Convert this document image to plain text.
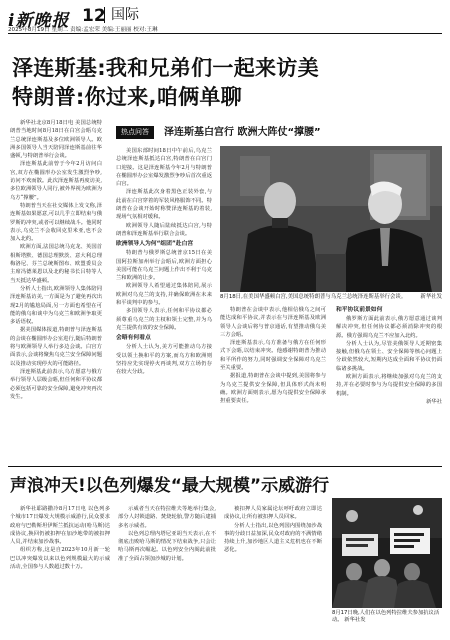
i新晚报 12 国际
2025年8月19日 星期二 责编:孟宏荣 美编:王丽丽 校对:王琳
泽连斯基:我和兄弟们一起来访美
特朗普:你过来,咱俩单聊

新华社北京8月18日电 美国总统特朗普当地时间8月18日在白宫会晤乌克兰总统泽连斯基及多位欧洲领导人。欧洲多国领导人当天陪同泽连斯基前往华盛顿,与特朗普举行会谈。

泽连斯基此前曾于今年2月访问白宫,双方在椭圆形办公室发生激烈争吵,访问不欢而散。此次泽连斯基再度访美,多位欧洲领导人同行,被外界视为欧洲为乌方“撑腰”。

特朗普当天在社交媒体上发文称,泽连斯基如果愿意,可以几乎立即结束与俄罗斯的冲突,或者可以继续战斗。他同时表示,乌克兰不会收回克里米亚,也不会加入北约。

欧洲方面,法国总统马克龙、英国首相斯塔默、德国总理默茨、意大利总理梅洛尼、芬兰总统斯图布、欧盟委员会主席冯德莱恩以及北约秘书长吕特等人当天抵达华盛顿。

分析人士指出,欧洲领导人集体陪同泽连斯基访美,一方面是为了避免再次出现2月的尴尬局面,另一方面也希望在可能的俄乌和谈中为乌克兰和欧洲争取更多话语权。

据美国媒体报道,特朗普与泽连斯基的会谈在椭圆形办公室进行,随后特朗普将与欧洲领导人举行多边会谈。白宫方面表示,会谈将聚焦乌克兰安全保障问题以及推动实现停火的可能路径。

泽连斯基此前表示,乌方愿意与俄方举行领导人层级会晤,但任何和平协议都必须包括可靠的安全保障,避免冲突再次发生。

热点问答	泽连斯基白宫行 欧洲大阵仗“撑腰”

美国东部时间18日中午前后,乌克兰总统泽连斯基抵达白宫,特朗普在白宫门口迎接。这是泽连斯基今年2月与特朗普在椭圆形办公室爆发激烈争吵后首次重返白宫。

泽连斯基此次身着黑色正装外套,与此前在白宫穿着的军装风格服饰不同。特朗普在会谈开始时称赞泽连斯基的着装,现场气氛相对缓和。

欧洲领导人随后陆续抵达白宫,与特朗普和泽连斯基举行联合会谈。

欧洲领导人为何“组团”赴白宫

特朗普与俄罗斯总统普京15日在美国阿拉斯加州举行会晤后,欧洲方面担心美国可能在乌克兰问题上作出不利于乌克兰和欧洲的让步。

欧洲领导人希望通过集体陪同,展示欧洲对乌克兰的支持,并确保欧洲在未来和平谈判中的参与。

多国领导人表示,任何和平协议都必须尊重乌克兰的主权和领土完整,并为乌克兰提供有效的安全保障。

会晤有何看点

分析人士认为,美方可能推动乌方接受以领土换和平的方案,而乌方和欧洲则坚持应先实现停火再谈判,双方立场仍存在较大分歧。

8月18日,在美国华盛顿白宫,美国总统特朗普与乌克兰总统泽连斯基举行会谈。	新华社发

特朗普在会谈中表示,他相信俄乌之间可能达成和平协议,并表示在与泽连斯基及欧洲领导人会谈后将与普京通话,有望推动俄乌美三方会晤。

泽连斯基表示,乌方准备与俄方在任何形式下会晤,以结束冲突。他感谢特朗普为推动和平所作的努力,同时强调安全保障对乌克兰至关重要。

据报道,特朗普在会谈中提到,美国将参与为乌克兰提供安全保障,但具体形式尚未明确。欧洲方面则表示,愿为乌提供安全保障承担重要责任。

和平协议前景如何

俄罗斯方面此前表示,俄方愿意通过谈判解决冲突,但任何协议都必须消除冲突的根源。俄方强调乌克兰不应加入北约。

分析人士认为,尽管美俄领导人近期密集接触,但俄乌在领土、安全保障等核心问题上分歧依然较大,短期内达成全面和平协议仍面临诸多挑战。

欧洲方面表示,将继续加强对乌克兰的支持,并在必要时参与为乌提供安全保障的多国机制。

新华社

声浪冲天!以色列爆发“最大规模”示威游行

新华社耶路撒冷8月17日电 以色列多个城市17日爆发大规模示威游行,民众要求政府与巴勒斯坦伊斯兰抵抗运动(哈马斯)达成协议,换回仍被扣押在加沙地带的被扣押人员,并结束加沙战事。

组织方称,这是自2023年10月新一轮巴以冲突爆发以来以色列规模最大的示威活动,全国参与人数超过数十万。

示威者当天在特拉维夫等地举行集会,部分人封锁道路、焚烧轮胎,警方随后逮捕多名示威者。

以色列总理内塔尼亚胡当天表示,在不彻底击败哈马斯的情况下结束战争,只会让哈马斯再次崛起。以色列安全内阁此前批准了全面占领加沙城的计划。

被扣押人员家属论坛呼吁政府立即达成协议,让所有被扣押人员回家。

分析人士指出,以色列国内围绕加沙战事的分歧日益加深,民众对政府的不满情绪持续上升,加沙地区人道主义危机也在不断恶化。

8月17日晚,人们在以色列特拉维夫参加抗议活动。 新华社发
